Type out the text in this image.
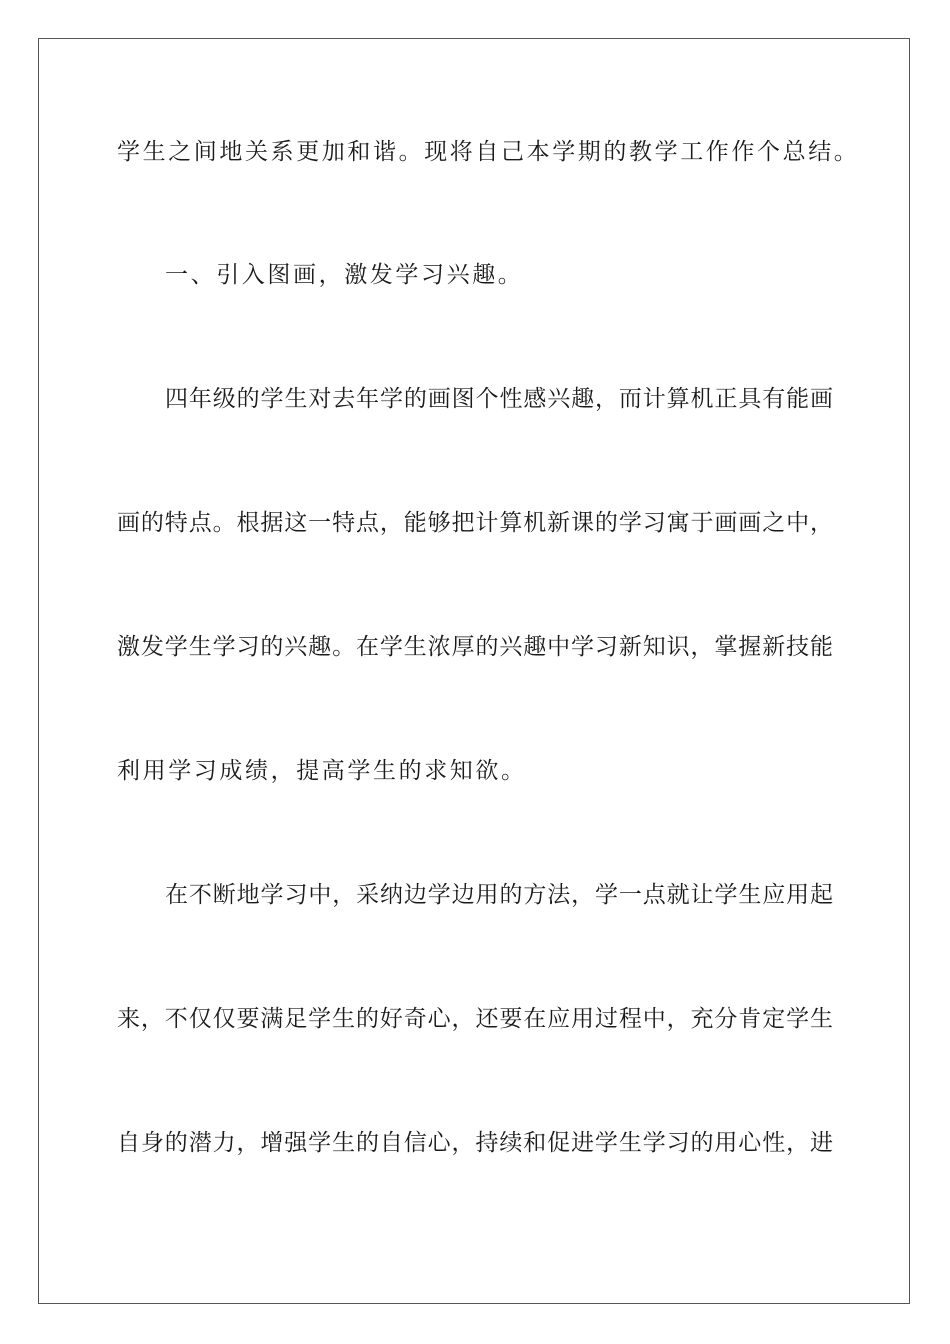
学生之间地关系更加和谐。现将自己本学期的教学工作作个总结。
一、引入图画，激发学习兴趣。
四年级的学生对去年学的画图个性感兴趣，而计算机正具有能画
画的特点。根据这一特点，能够把计算机新课的学习寓于画画之中，
激发学生学习的兴趣。在学生浓厚的兴趣中学习新知识，掌握新技能
利用学习成绩，提高学生的求知欲。
在不断地学习中，采纳边学边用的方法，学一点就让学生应用起
来，不仅仅要满足学生的好奇心，还要在应用过程中，充分肯定学生
自身的潜力，增强学生的自信心，持续和促进学生学习的用心性，进
